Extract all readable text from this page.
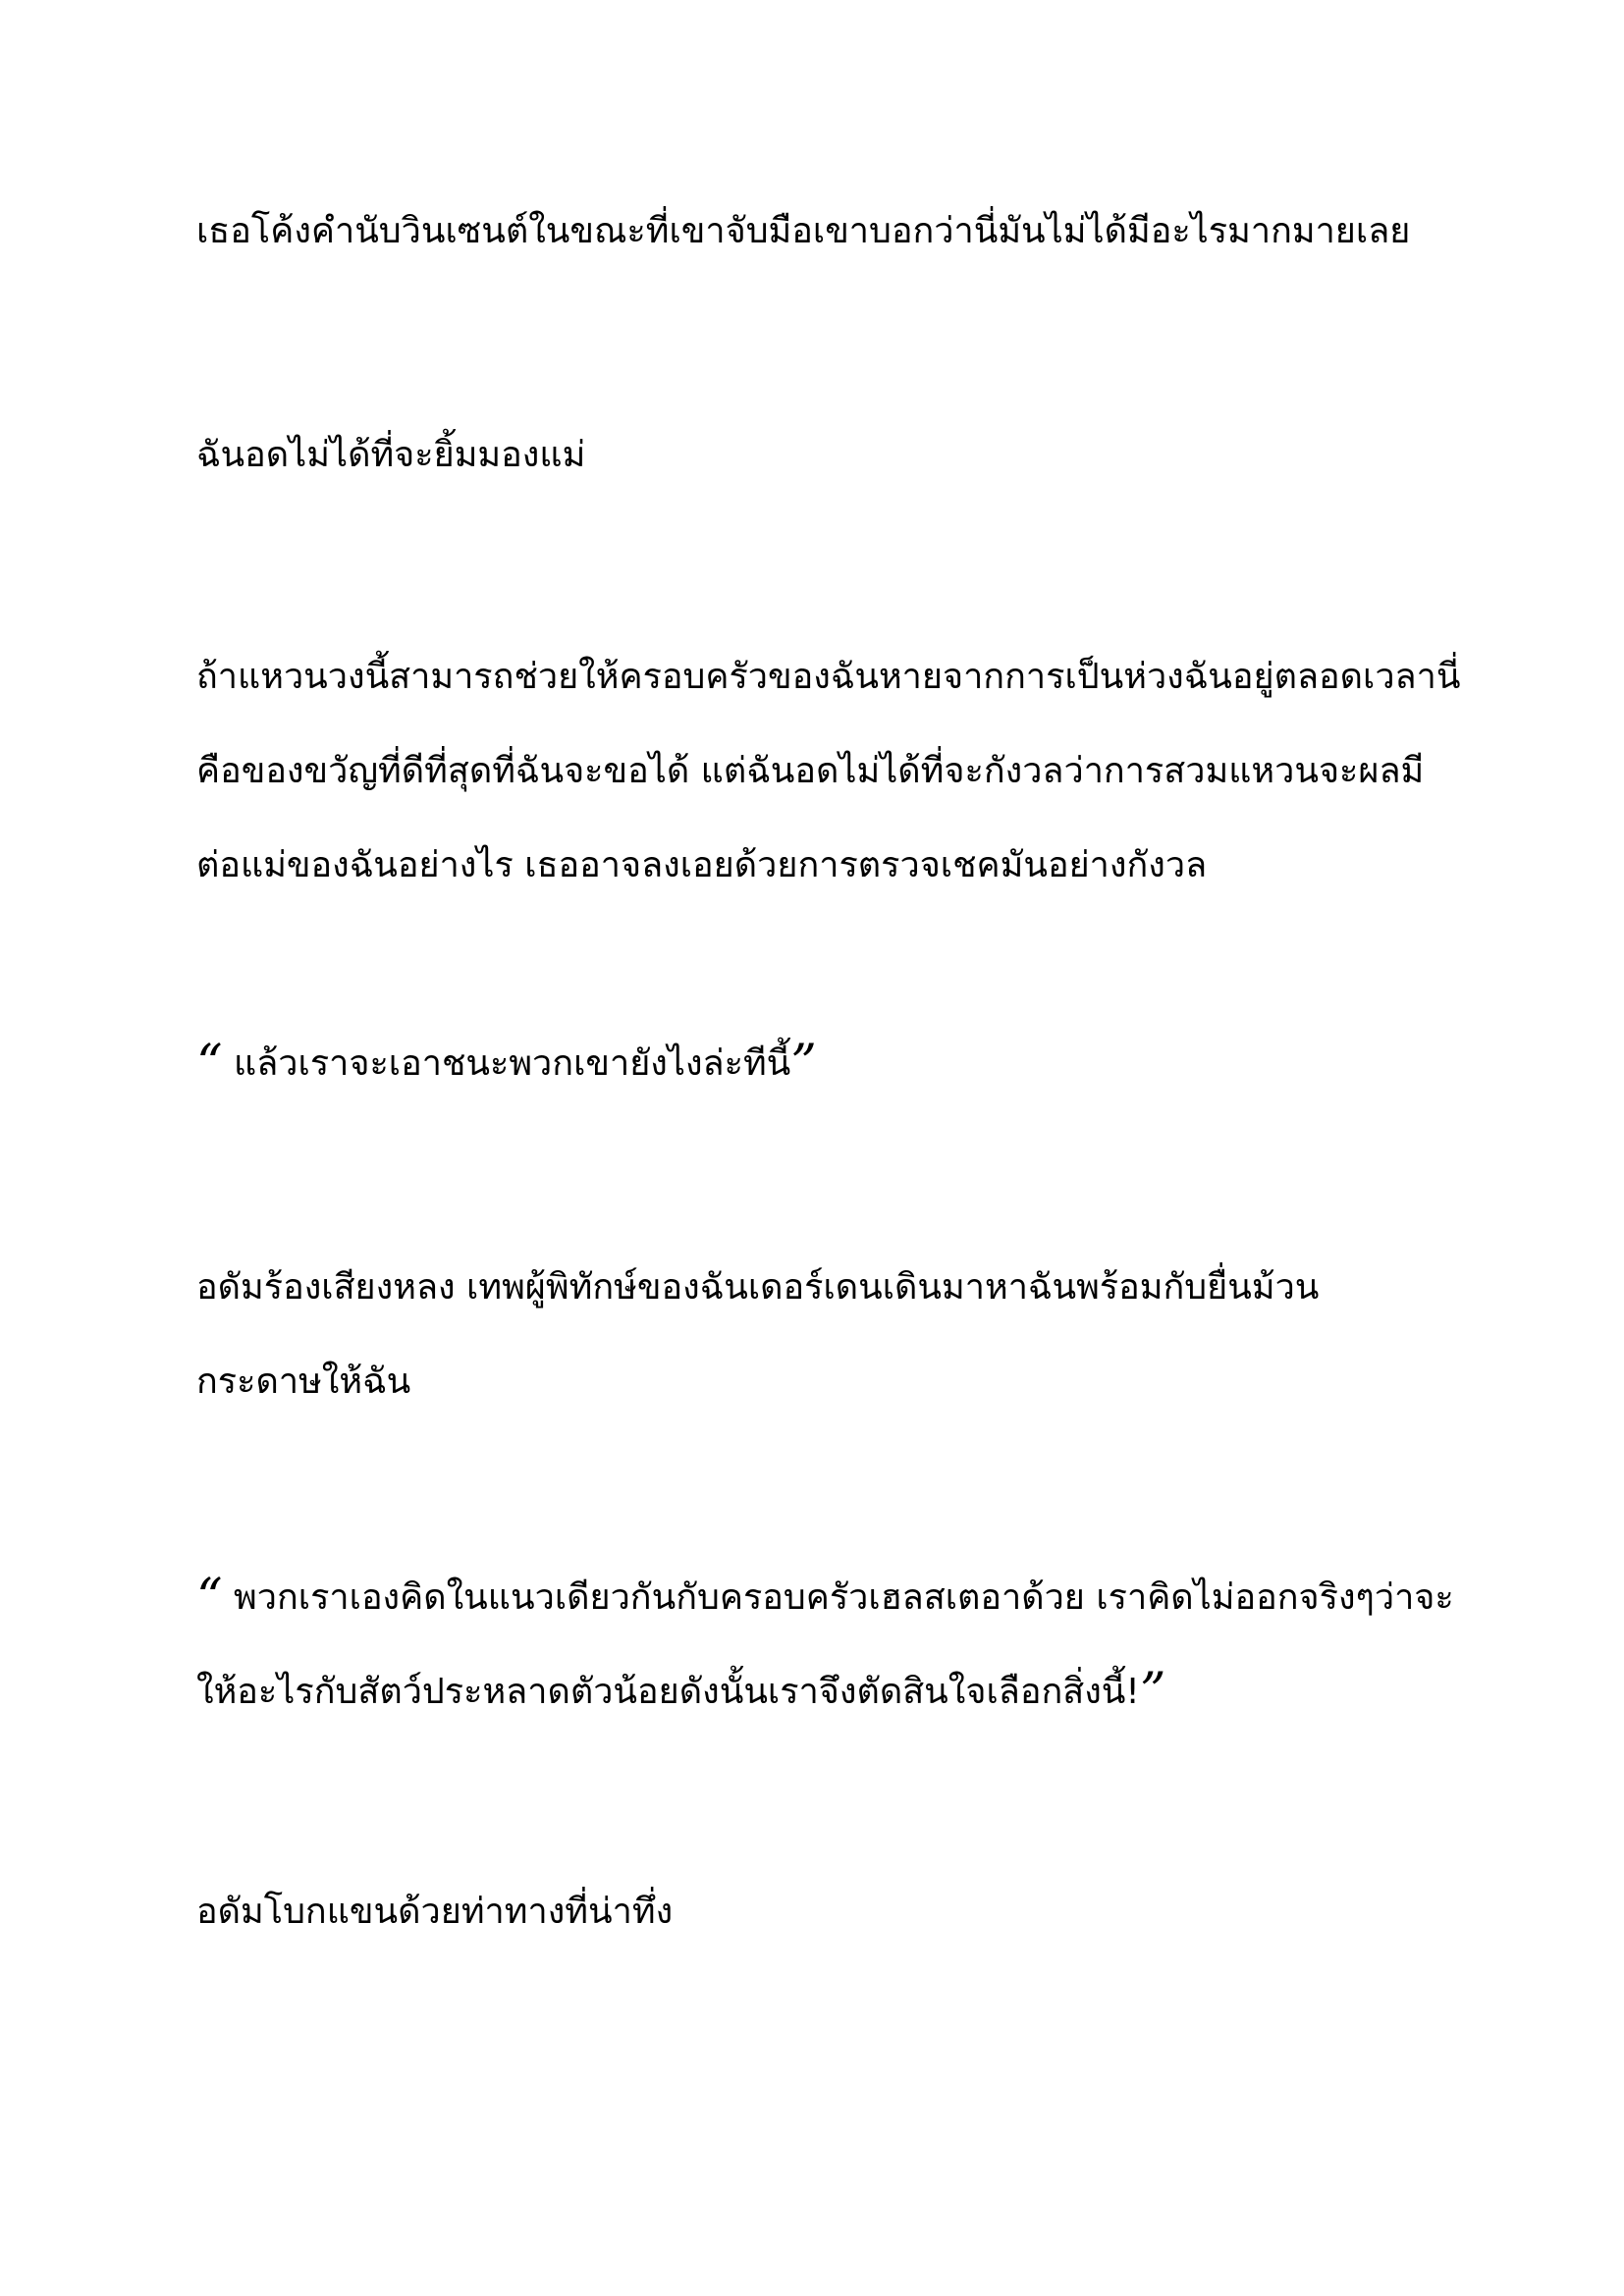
เธอโค้งคำนับวินเซนต์ในขณะที่เขาจับมือเขาบอกว่านี่มันไม่ได้มีอะไรมากมายเลย

ฉันอดไม่ได้ที่จะยิ้มมองแม่

ถ้าแหวนวงนี้สามารถช่วยให้ครอบครัวของฉันหายจากการเป็นห่วงฉันอยู่ตลอดเวลานี่
คือของขวัญที่ดีที่สุดที่ฉันจะขอได้ แต่ฉันอดไม่ได้ที่จะกังวลว่าการสวมแหวนจะผลมี
ต่อแม่ของฉันอย่างไร เธออาจลงเอยด้วยการตรวจเชคมันอย่างกังวล

“ แล้วเราจะเอาชนะพวกเขายังไงล่ะทีนี้”

อดัมร้องเสียงหลง เทพผู้พิทักษ์ของฉันเดอร์เดนเดินมาหาฉันพร้อมกับยื่นม้วน
กระดาษให้ฉัน

“ พวกเราเองคิดในแนวเดียวกันกับครอบครัวเฮลสเตอาด้วย เราคิดไม่ออกจริงๆว่าจะ
ให้อะไรกับสัตว์ประหลาดตัวน้อยดังนั้นเราจึงตัดสินใจเลือกสิ่งนี้!”

อดัมโบกแขนด้วยท่าทางที่น่าทึ่ง
